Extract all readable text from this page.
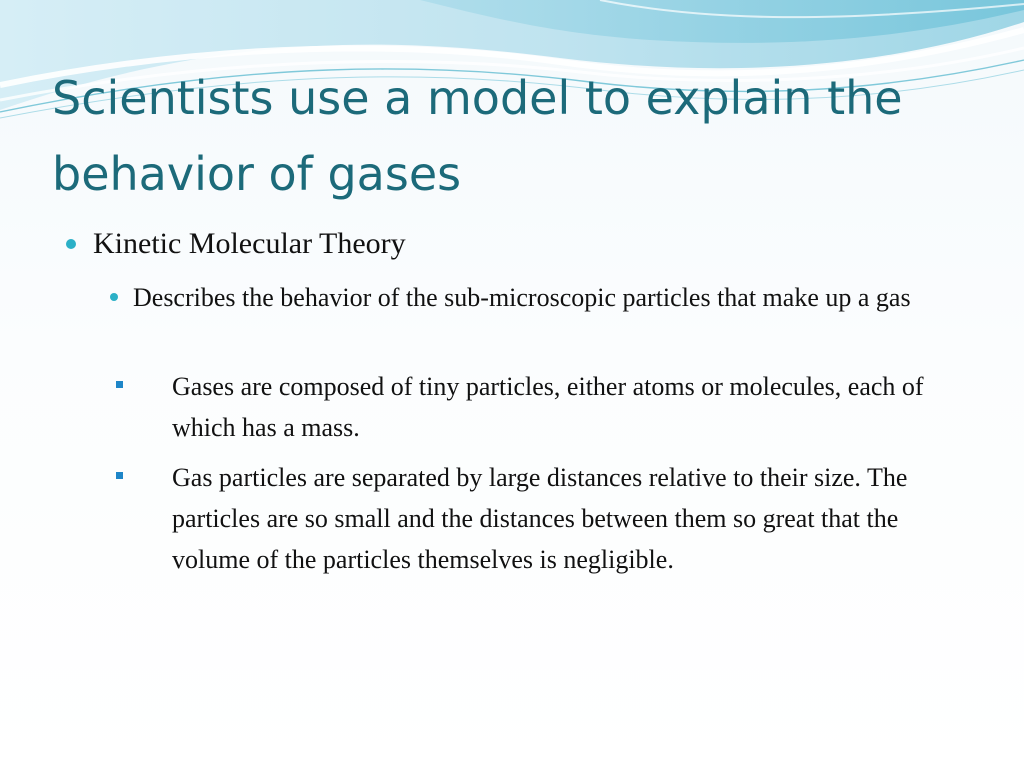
Scientists use a model to explain the behavior of gases
Kinetic Molecular Theory
Describes the behavior of the sub-microscopic particles that make up a gas
Gases are composed of tiny particles, either atoms or molecules, each of which has a mass.
Gas particles are separated by large distances relative to their size. The particles are so small and the distances between them so great that the volume of the particles themselves is negligible.
